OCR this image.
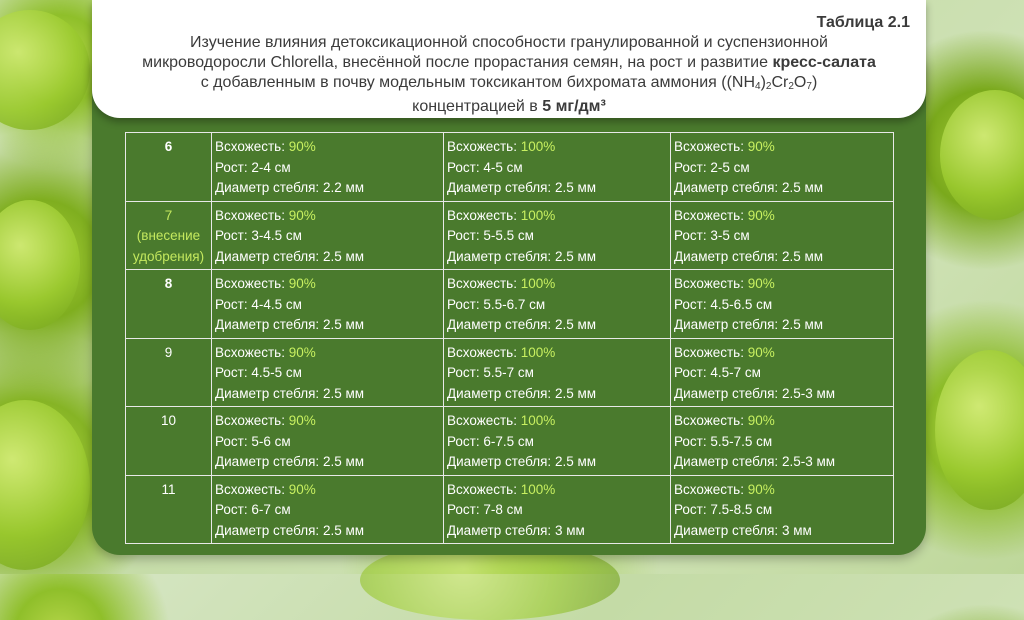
Таблица 2.1
Изучение влияния детоксикационной способности гранулированной и суспензионной
микроводоросли Chlorella, внесённой после прорастания семян, на рост и развитие кресс-салата
с добавленным в почву модельным токсикантом бихромата аммония $((NH_4)_2Cr_2O_7)$
концентрацией в 5 мг/дм³
6	Всхожесть: 90%
Рост: 2-4 см
Диаметр стебля: 2.2 мм	Всхожесть: 100%
Рост: 4-5 см
Диаметр стебля: 2.5 мм	Всхожесть: 90%
Рост: 2-5 см
Диаметр стебля: 2.5 мм

7
(внесение
удобрения)	Всхожесть: 90%
Рост: 3-4.5 см
Диаметр стебля: 2.5 мм	Всхожесть: 100%
Рост: 5-5.5 см
Диаметр стебля: 2.5 мм	Всхожесть: 90%
Рост: 3-5 см
Диаметр стебля: 2.5 мм

8	Всхожесть: 90%
Рост: 4-4.5 см
Диаметр стебля: 2.5 мм	Всхожесть: 100%
Рост: 5.5-6.7 см
Диаметр стебля: 2.5 мм	Всхожесть: 90%
Рост: 4.5-6.5 см
Диаметр стебля: 2.5 мм

9	Всхожесть: 90%
Рост: 4.5-5 см
Диаметр стебля: 2.5 мм	Всхожесть: 100%
Рост: 5.5-7 см
Диаметр стебля: 2.5 мм	Всхожесть: 90%
Рост: 4.5-7 см
Диаметр стебля: 2.5-3 мм

10	Всхожесть: 90%
Рост: 5-6 см
Диаметр стебля: 2.5 мм	Всхожесть: 100%
Рост: 6-7.5 см
Диаметр стебля: 2.5 мм	Всхожесть: 90%
Рост: 5.5-7.5 см
Диаметр стебля: 2.5-3 мм

11	Всхожесть: 90%
Рост: 6-7 см
Диаметр стебля: 2.5 мм	Всхожесть: 100%
Рост: 7-8 см
Диаметр стебля: 3 мм	Всхожесть: 90%
Рост: 7.5-8.5 см
Диаметр стебля: 3 мм
